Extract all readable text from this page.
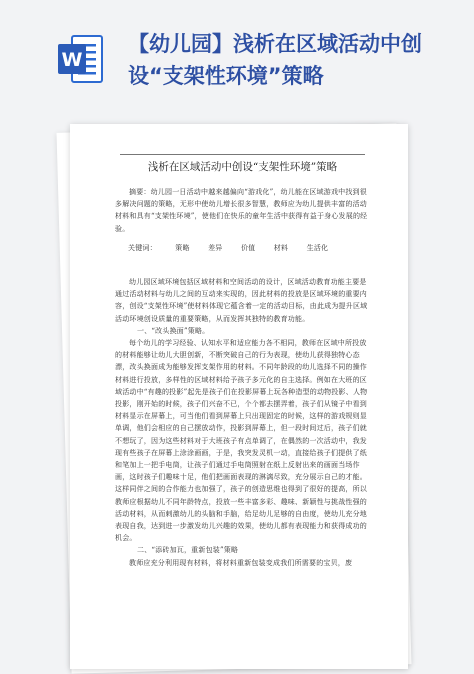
W
【幼儿园】浅析在区域活动中创设“支架性环境”策略
浅析在区域活动中创设“支架性环境”策略
摘要：幼儿园一日活动中越来越偏向“游戏化”，幼儿能在区域游戏中找到很多解决问题的策略，无形中使幼儿增长很多智慧，教师应为幼儿提供丰富的活动材料和具有“支架性环境”，使他们在快乐的童年生活中获得有益于身心发展的经验。
关键词：	策略	差异	价值	材料	生活化

幼儿园区域环境包括区域材料和空间活动的设计，区域活动教育功能主要是通过活动材料与幼儿之间的互动来实现的，因此材料的投放是区域环境的重要内容，创设“支架性环境”使材料体现它蕴含着一定的活动目标，由此成为提升区域活动环境创设质量的重要策略，从而发挥其独特的教育功能。

一、“改头换面”策略。

每个幼儿的学习经验、认知水平和适应能力各不相同，教师在区域中所投放的材料能够让幼儿大胆创新，不断突破自己的行为表现，使幼儿获得独特心态漂，改头换面成为能够发挥支架作用的材料。不同年龄段的幼儿选择不同的操作材料进行投放，多样性的区域材料给予孩子多元化的自主选择。例如在大班的区域活动中“有趣的投影”起先是孩子们在投影屏幕上玩各种造型的动物投影、人物投影，刚开始的时候，孩子们兴奋不已，个个都去摆弄着，孩子们从镜子中看到材料显示在屏幕上，可当他们看到屏幕上只出现固定的时候，这样的游戏规则显单调，他们会相应的自己摆放动作，投影到屏幕上，但一段时间过后，孩子们就不想玩了，因为这些材料对于大班孩子有点单调了，在偶然的一次活动中，我发现有些孩子在屏幕上涂涂画画，于是，我突发灵机一动，直接给孩子们提供了纸和笔加上一把手电筒，让孩子们通过手电筒照射在纸上反射出来的画面当场作画，这时孩子们趣味十足，他们把画面表现的淋漓尽致，充分展示自己的才能。这样同伴之间的合作能力也加强了，孩子的创造思维也得到了很好的提高，所以教师应根据幼儿不同年龄特点，投放一些丰富多彩、趣味、新颖性与挑战性强的活动材料，从而刺激幼儿的头脑和手脑，给足幼儿足够的自由度，使幼儿充分地表现自我，达到进一步激发幼儿兴趣的效果，使幼儿都有表现能力和获得成功的机会。

二、“添砖加瓦，重新包装”策略

教师应充分利用现有材料，将材料重新包装变成我们所需要的宝贝，废
